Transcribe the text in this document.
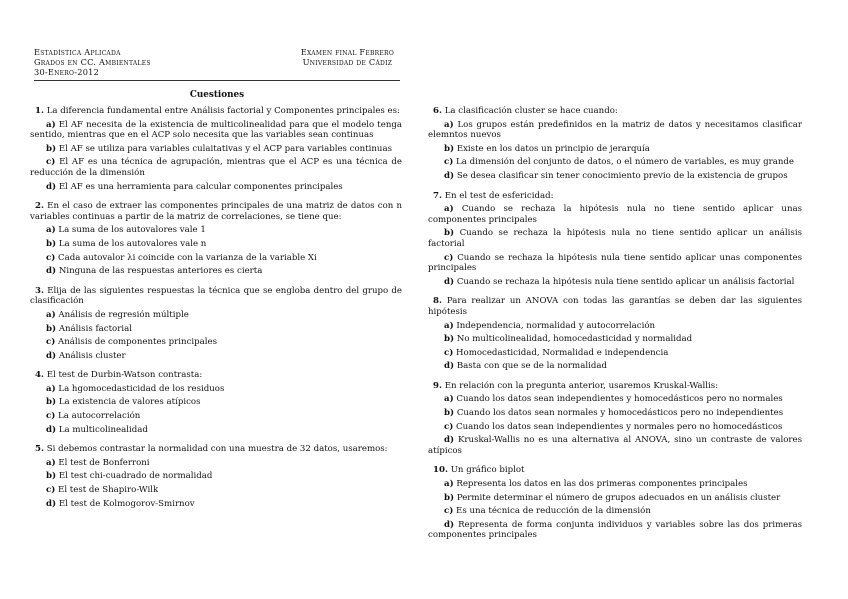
Estadística Aplicada
Grados en CC. Ambientales
30-Enero-2012
Examen final Febrero
Universidad de Cádiz
Cuestiones
1. La diferencia fundamental entre Análisis factorial y Componentes principales es:
a) El AF necesita de la existencia de multicolinealidad para que el modelo tenga sentido, mientras que en el ACP solo necesita que las variables sean continuas
b) El AF se utiliza para variables culaitativas y el ACP para variables continuas
c) El AF es una técnica de agrupación, mientras que el ACP es una técnica de reducción de la dimensión
d) El AF es una herramienta para calcular componentes principales
2. En el caso de extraer las componentes principales de una matriz de datos con n variables continuas a partir de la matriz de correlaciones, se tiene que:
a) La suma de los autovalores vale 1
b) La suma de los autovalores vale n
c) Cada autovalor λi coincide con la varianza de la variable Xi
d) Ninguna de las respuestas anteriores es cierta
3. Elija de las siguientes respuestas la técnica que se engloba dentro del grupo de clasificación
a) Análisis de regresión múltiple
b) Análisis factorial
c) Análisis de componentes principales
d) Análisis cluster
4. El test de Durbin-Watson contrasta:
a) La hgomocedasticidad de los residuos
b) La existencia de valores atípicos
c) La autocorrelación
d) La multicolinealidad
5. Si debemos contrastar la normalidad con una muestra de 32 datos, usaremos:
a) El test de Bonferroni
b) El test chi-cuadrado de normalidad
c) El test de Shapiro-Wilk
d) El test de Kolmogorov-Smirnov
6. La clasificación cluster se hace cuando:
a) Los grupos están predefinidos en la matriz de datos y necesitamos clasificar elemntos nuevos
b) Existe en los datos un principio de jerarquía
c) La dimensión del conjunto de datos, o el número de variables, es muy grande
d) Se desea clasificar sin tener conocimiento previo de la existencia de grupos
7. En el test de esfericidad:
a) Cuando se rechaza la hipótesis nula no tiene sentido aplicar unas componentes principales
b) Cuando se rechaza la hipótesis nula no tiene sentido aplicar un análisis factorial
c) Cuando se rechaza la hipótesis nula tiene sentido aplicar unas componentes principales
d) Cuando se rechaza la hipótesis nula tiene sentido aplicar un análisis factorial
8. Para realizar un ANOVA con todas las garantías se deben dar las siguientes hipótesis
a) Independencia, normalidad y autocorrelación
b) No multicolinealidad, homocedasticidad y normalidad
c) Homocedasticidad, Normalidad e independencia
d) Basta con que se de la normalidad
9. En relación con la pregunta anterior, usaremos Kruskal-Wallis:
a) Cuando los datos sean independientes y homocedásticos pero no normales
b) Cuando los datos sean normales y homocedásticos pero no independientes
c) Cuando los datos sean independientes y normales pero no homocedásticos
d) Kruskal-Wallis no es una alternativa al ANOVA, sino un contraste de valores atípicos
10. Un gráfico biplot
a) Representa los datos en las dos primeras componentes principales
b) Permite determinar el número de grupos adecuados en un análisis cluster
c) Es una técnica de reducción de la dimensión
d) Representa de forma conjunta individuos y variables sobre las dos primeras componentes principales
